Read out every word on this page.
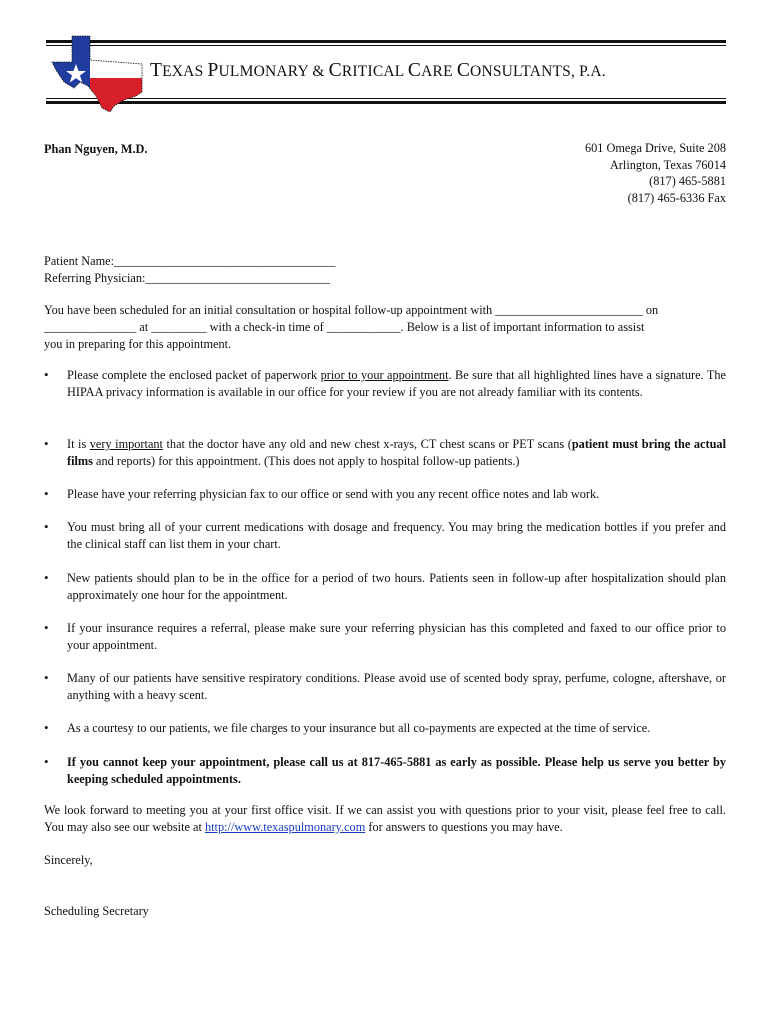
TEXAS PULMONARY & CRITICAL CARE CONSULTANTS, P.A.
Phan Nguyen, M.D.	601 Omega Drive, Suite 208
Arlington, Texas 76014
(817) 465-5881
(817) 465-6336 Fax
Patient Name:____________________________________
Referring Physician:______________________________
You have been scheduled for an initial consultation or hospital follow-up appointment with ________________________ on
_______________ at _________ with a check-in time of ____________. Below is a list of important information to assist
you in preparing for this appointment.
• Please complete the enclosed packet of paperwork prior to your appointment. Be sure that all highlighted lines have a signature. The HIPAA privacy information is available in our office for your review if you are not already familiar with its contents.
• It is very important that the doctor have any old and new chest x-rays, CT chest scans or PET scans (patient must bring the actual films and reports) for this appointment. (This does not apply to hospital follow-up patients.)
• Please have your referring physician fax to our office or send with you any recent office notes and lab work.
• You must bring all of your current medications with dosage and frequency. You may bring the medication bottles if you prefer and the clinical staff can list them in your chart.
• New patients should plan to be in the office for a period of two hours. Patients seen in follow-up after hospitalization should plan approximately one hour for the appointment.
• If your insurance requires a referral, please make sure your referring physician has this completed and faxed to our office prior to your appointment.
• Many of our patients have sensitive respiratory conditions. Please avoid use of scented body spray, perfume, cologne, aftershave, or anything with a heavy scent.
• As a courtesy to our patients, we file charges to your insurance but all co-payments are expected at the time of service.
• If you cannot keep your appointment, please call us at 817-465-5881 as early as possible. Please help us serve you better by keeping scheduled appointments.
We look forward to meeting you at your first office visit. If we can assist you with questions prior to your visit, please feel free to call. You may also see our website at http://www.texaspulmonary.com for answers to questions you may have.
Sincerely,
Scheduling Secretary
